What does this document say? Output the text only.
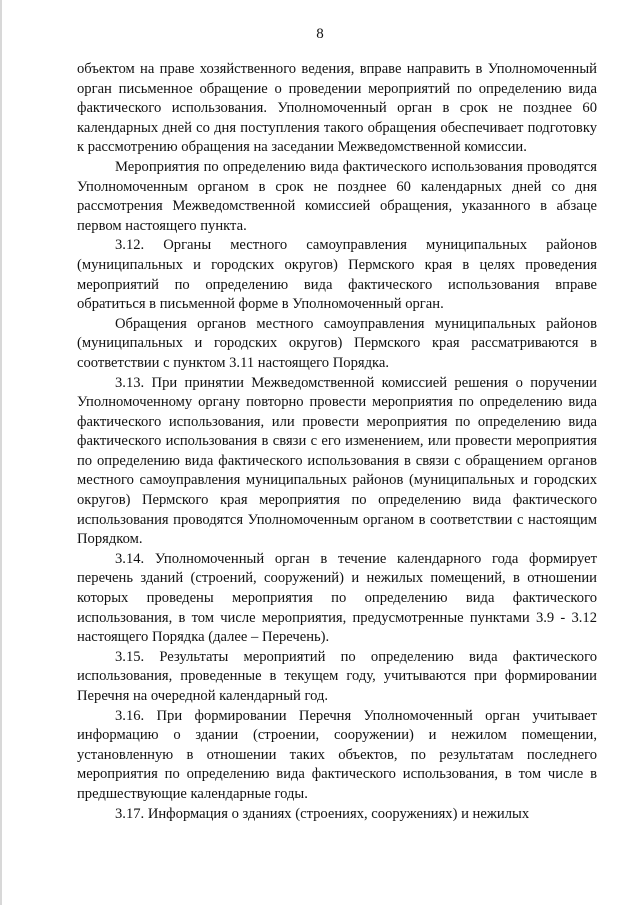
8

объектом на праве хозяйственного ведения, вправе направить в Уполномоченный орган письменное обращение о проведении мероприятий по определению вида фактического использования. Уполномоченный орган в срок не позднее 60 календарных дней со дня поступления такого обращения обеспечивает подготовку к рассмотрению обращения на заседании Межведомственной комиссии.

Мероприятия по определению вида фактического использования проводятся Уполномоченным органом в срок не позднее 60 календарных дней со дня рассмотрения Межведомственной комиссией обращения, указанного в абзаце первом настоящего пункта.

3.12. Органы местного самоуправления муниципальных районов (муниципальных и городских округов) Пермского края в целях проведения мероприятий по определению вида фактического использования вправе обратиться в письменной форме в Уполномоченный орган.

Обращения органов местного самоуправления муниципальных районов (муниципальных и городских округов) Пермского края рассматриваются в соответствии с пунктом 3.11 настоящего Порядка.

3.13. При принятии Межведомственной комиссией решения о поручении Уполномоченному органу повторно провести мероприятия по определению вида фактического использования, или провести мероприятия по определению вида фактического использования в связи с его изменением, или провести мероприятия по определению вида фактического использования в связи с обращением органов местного самоуправления муниципальных районов (муниципальных и городских округов) Пермского края мероприятия по определению вида фактического использования проводятся Уполномоченным органом в соответствии с настоящим Порядком.

3.14. Уполномоченный орган в течение календарного года формирует перечень зданий (строений, сооружений) и нежилых помещений, в отношении которых проведены мероприятия по определению вида фактического использования, в том числе мероприятия, предусмотренные пунктами 3.9 - 3.12 настоящего Порядка (далее – Перечень).

3.15. Результаты мероприятий по определению вида фактического использования, проведенные в текущем году, учитываются при формировании Перечня на очередной календарный год.

3.16. При формировании Перечня Уполномоченный орган учитывает информацию о здании (строении, сооружении) и нежилом помещении, установленную в отношении таких объектов, по результатам последнего мероприятия по определению вида фактического использования, в том числе в предшествующие календарные годы.

3.17. Информация о зданиях (строениях, сооружениях) и нежилых
